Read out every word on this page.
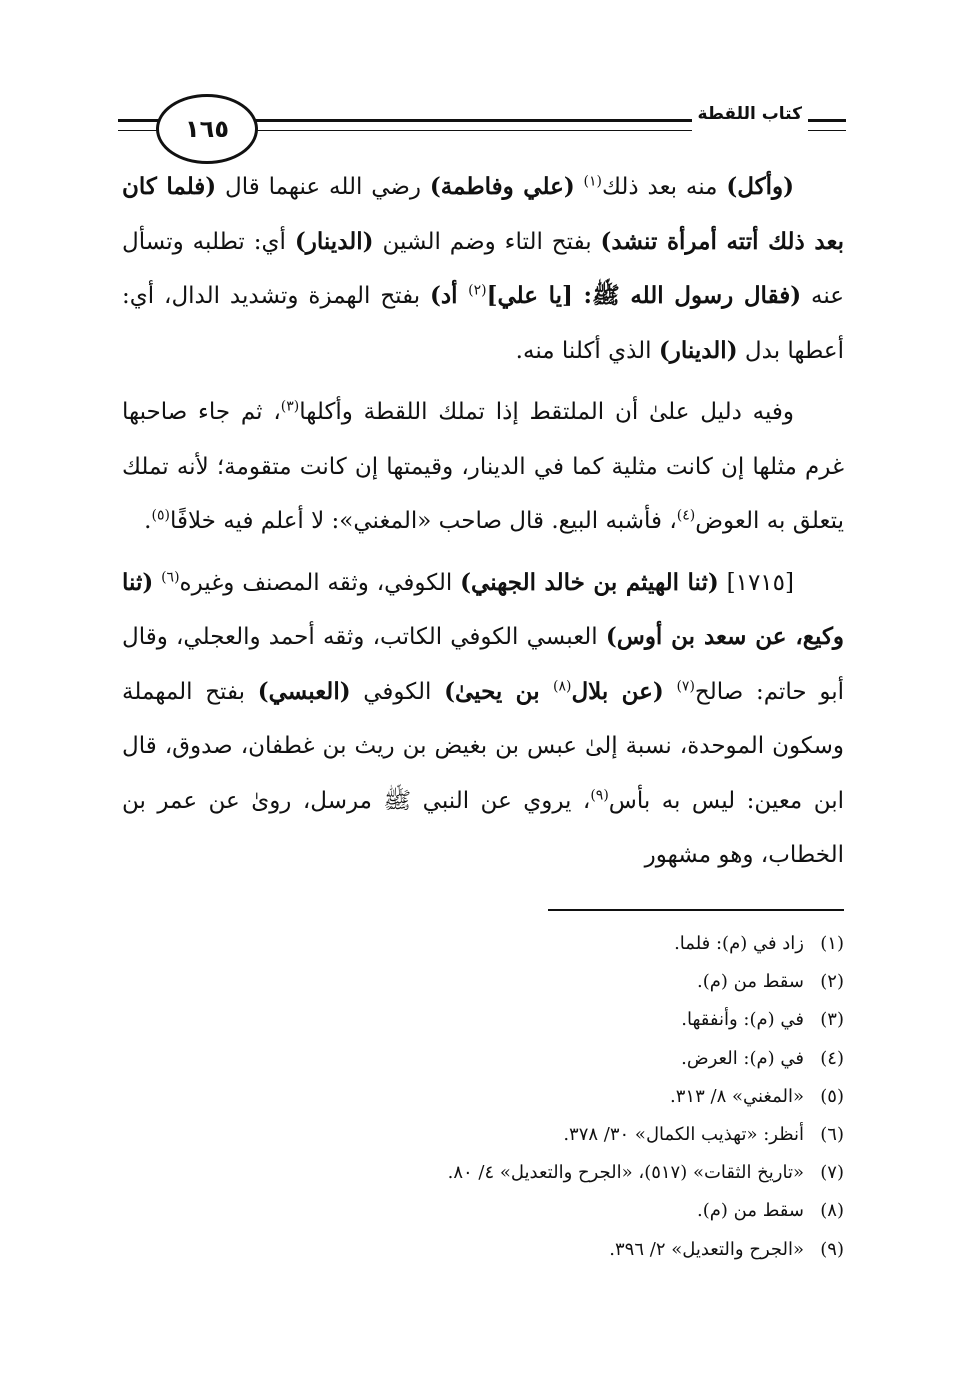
١٦٥
كتاب اللقطة

(وأكل) منه بعد ذلك$^{(١)}$ (علي وفاطمة) رضي الله عنهما قال (فلما كان بعد ذلك أتته أمرأة تنشد) بفتح التاء وضم الشين (الدينار) أي: تطلبه وتسأل عنه (فقال رسول الله ﷺ: [يا علي]$^{(٢)}$ أد) بفتح الهمزة وتشديد الدال، أي: أعطها بدل (الدينار) الذي أكلنا منه.

وفيه دليل علىٰ أن الملتقط إذا تملك اللقطة وأكلها$^{(٣)}$، ثم جاء صاحبها غرم مثلها إن كانت مثلية كما في الدينار، وقيمتها إن كانت متقومة؛ لأنه تملك يتعلق به العوض$^{(٤)}$، فأشبه البيع. قال صاحب «المغني»: لا أعلم فيه خلافًا$^{(٥)}$.

[١٧١٥] (ثنا الهيثم بن خالد الجهني) الكوفي، وثقه المصنف وغيره$^{(٦)}$ (ثنا وكيع، عن سعد بن أوس) العبسي الكوفي الكاتب، وثقه أحمد والعجلي، وقال أبو حاتم: صالح$^{(٧)}$ (عن بلال$^{(٨)}$ بن يحيىٰ) الكوفي (العبسي) بفتح المهملة وسكون الموحدة، نسبة إلىٰ عبس بن بغيض بن ريث بن غطفان، صدوق، قال ابن معين: ليس به بأس$^{(٩)}$، يروي عن النبي ﷺ مرسل، روىٰ عن عمر بن الخطاب، وهو مشهور

(١)زاد في (م): فلما.
(٢)سقط من (م).
(٣)في (م): وأنفقها.
(٤)في (م): العرض.
(٥)«المغني» ٨/ ٣١٣.
(٦)أنظر: «تهذيب الكمال» ٣٠/ ٣٧٨.
(٧)«تاريخ الثقات» (٥١٧)، «الجرح والتعديل» ٤/ ٨٠.
(٨)سقط من (م).
(٩)«الجرح والتعديل» ٢/ ٣٩٦.
